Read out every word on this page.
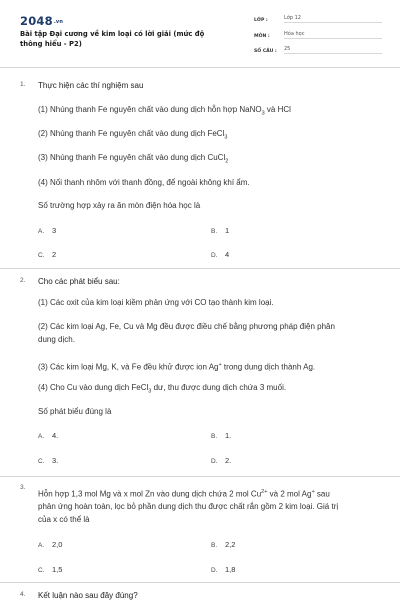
2048.vn
Bài tập Đại cương về kim loại có lời giải (mức độ thông hiểu - P2)
LỚP :	Lớp 12
MÔN :	Hóa học
SỐ CÂU :	25
1. Thực hiện các thí nghiệm sau
(1) Nhúng thanh Fe nguyên chất vào dung dịch hỗn hợp NaNO$_3$ và HCl
(2) Nhúng thanh Fe nguyên chất vào dung dịch FeCl$_3$
(3) Nhúng thanh Fe nguyên chất vào dung dịch CuCl$_2$
(4) Nối thanh nhôm với thanh đồng, để ngoài không khí ẩm.
Số trường hợp xảy ra ăn mòn điện hóa học là
A. 3	B. 1
C. 2	D. 4
2. Cho các phát biểu sau:
(1) Các oxit của kim loại kiềm phản ứng với CO tạo thành kim loại.
(2) Các kim loại Ag, Fe, Cu và Mg đều được điều chế bằng phương pháp điện phân
dung dịch.
(3) Các kim loại Mg, K, và Fe đều khử được ion Ag+ trong dung dịch thành Ag.
(4) Cho Cu vào dung dịch FeCl$_3$ dư, thu được dung dịch chứa 3 muối.
Số phát biểu đúng là
A. 4.	B. 1.
C. 3.	D. 2.
3.
Hỗn hợp 1,3 mol Mg và x mol Zn vào dung dịch chứa 2 mol $Cu^{2+}$ và 2 mol Ag+ sau
phản ứng hoàn toàn, lọc bỏ phần dung dịch thu được chất rắn gồm 2 kim loại. Giá trị
của x có thể là
A. 2,0	B. 2,2
C. 1,5	D. 1,8
4. Kết luận nào sau đây đúng?
